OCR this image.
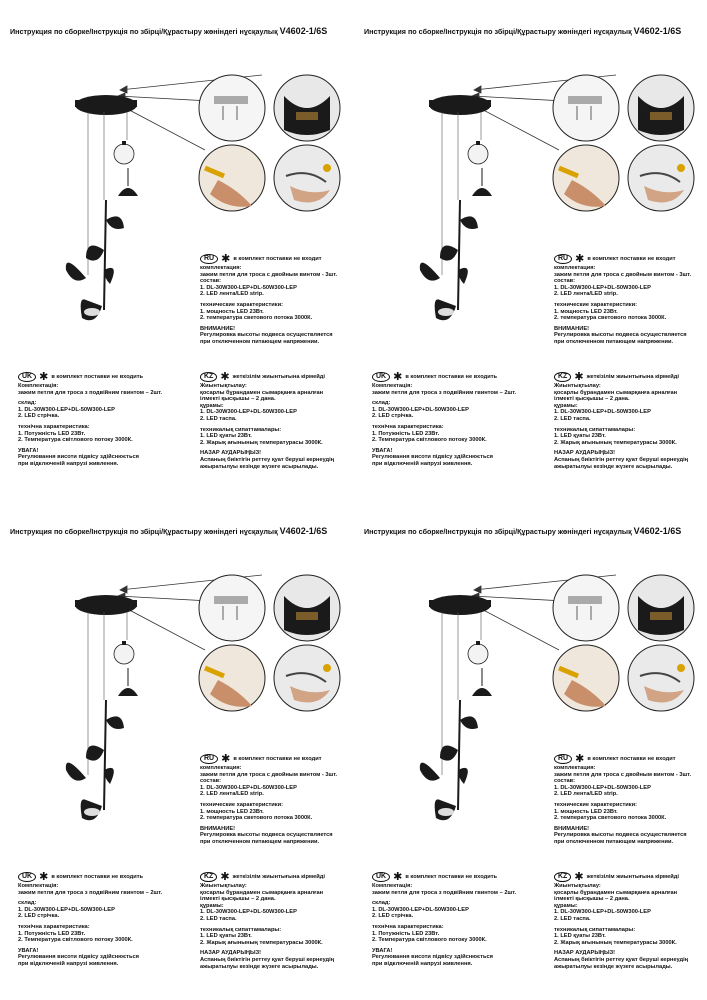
Инструкция по сборке/Інструкція по збірці/Құрастыру жөніндегі нұсқаулық V4602-1/6S
RU ✱ в комплект поставки не входит
комплектация:
зажим петля для троса с двойным винтом - 3шт.
состав:
1. DL-30W300-LEP+DL-50W300-LEP
2. LED лента/LED strip.
технические характеристики:
1. мощность LED 23Вт.
2. температура светового потока 3000К.
ВНИМАНИЕ!
Регулировка высоты подвеса осуществляется
при отключенном питающем напряжении.
UK ✱ в комплект поставки не входить
Комплектація:
зажим петля для троса з подвійним гвинтом – 2шт.
склад:
1. DL-30W300-LEP+DL-50W300-LEP
2. LED стрічка.
технічна характеристика:
1. Потужність LED 23Вт.
2. Температура світлового потоку 3000К.
УВАГА!
Регулювання висоти підвісу здійснюється
при відключеній напрузі живлення.
KZ ✱ жеткізілім жиынтығына кірмейді
Жиынтықтылау:
қосарлы бұрандамен сымарқанға арналған
ілмекті қысқышы – 2 дана.
құрамы:
1. DL-30W300-LEP+DL-50W300-LEP
2. LED таспа.
техникалық сипаттамалары:
1. LED қуаты 23Вт.
2. Жарық ағынының температурасы 3000К.
НАЗАР АУДАРЫҢЫЗ!
Аспаның биіктігін реттеу қуат беруші кернеудің
ажыратылуы кезінде жүзеге асырылады.
Инструкция по сборке/Інструкція по збірці/Құрастыру жөніндегі нұсқаулық V4602-1/6S
RU ✱ в комплект поставки не входит
комплектация:
зажим петля для троса с двойным винтом - 3шт.
состав:
1. DL-30W300-LEP+DL-50W300-LEP
2. LED лента/LED strip.
технические характеристики:
1. мощность LED 23Вт.
2. температура светового потока 3000К.
ВНИМАНИЕ!
Регулировка высоты подвеса осуществляется
при отключенном питающем напряжении.
UK ✱ в комплект поставки не входить
Комплектація:
зажим петля для троса з подвійним гвинтом – 2шт.
склад:
1. DL-30W300-LEP+DL-50W300-LEP
2. LED стрічка.
технічна характеристика:
1. Потужність LED 23Вт.
2. Температура світлового потоку 3000К.
УВАГА!
Регулювання висоти підвісу здійснюється
при відключеній напрузі живлення.
KZ ✱ жеткізілім жиынтығына кірмейді
Жиынтықтылау:
қосарлы бұрандамен сымарқанға арналған
ілмекті қысқышы – 2 дана.
құрамы:
1. DL-30W300-LEP+DL-50W300-LEP
2. LED таспа.
техникалық сипаттамалары:
1. LED қуаты 23Вт.
2. Жарық ағынының температурасы 3000К.
НАЗАР АУДАРЫҢЫЗ!
Аспаның биіктігін реттеу қуат беруші кернеудің
ажыратылуы кезінде жүзеге асырылады.
Инструкция по сборке/Інструкція по збірці/Құрастыру жөніндегі нұсқаулық V4602-1/6S
RU ✱ в комплект поставки не входит
комплектация:
зажим петля для троса с двойным винтом - 3шт.
состав:
1. DL-30W300-LEP+DL-50W300-LEP
2. LED лента/LED strip.
технические характеристики:
1. мощность LED 23Вт.
2. температура светового потока 3000К.
ВНИМАНИЕ!
Регулировка высоты подвеса осуществляется
при отключенном питающем напряжении.
UK ✱ в комплект поставки не входить
Комплектація:
зажим петля для троса з подвійним гвинтом – 2шт.
склад:
1. DL-30W300-LEP+DL-50W300-LEP
2. LED стрічка.
технічна характеристика:
1. Потужність LED 23Вт.
2. Температура світлового потоку 3000К.
УВАГА!
Регулювання висоти підвісу здійснюється
при відключеній напрузі живлення.
KZ ✱ жеткізілім жиынтығына кірмейді
Жиынтықтылау:
қосарлы бұрандамен сымарқанға арналған
ілмекті қысқышы – 2 дана.
құрамы:
1. DL-30W300-LEP+DL-50W300-LEP
2. LED таспа.
техникалық сипаттамалары:
1. LED қуаты 23Вт.
2. Жарық ағынының температурасы 3000К.
НАЗАР АУДАРЫҢЫЗ!
Аспаның биіктігін реттеу қуат беруші кернеудің
ажыратылуы кезінде жүзеге асырылады.
Инструкция по сборке/Інструкція по збірці/Құрастыру жөніндегі нұсқаулық V4602-1/6S
RU ✱ в комплект поставки не входит
комплектация:
зажим петля для троса с двойным винтом - 3шт.
состав:
1. DL-30W300-LEP+DL-50W300-LEP
2. LED лента/LED strip.
технические характеристики:
1. мощность LED 23Вт.
2. температура светового потока 3000К.
ВНИМАНИЕ!
Регулировка высоты подвеса осуществляется
при отключенном питающем напряжении.
UK ✱ в комплект поставки не входить
Комплектація:
зажим петля для троса з подвійним гвинтом – 2шт.
склад:
1. DL-30W300-LEP+DL-50W300-LEP
2. LED стрічка.
технічна характеристика:
1. Потужність LED 23Вт.
2. Температура світлового потоку 3000К.
УВАГА!
Регулювання висоти підвісу здійснюється
при відключеній напрузі живлення.
KZ ✱ жеткізілім жиынтығына кірмейді
Жиынтықтылау:
қосарлы бұрандамен сымарқанға арналған
ілмекті қысқышы – 2 дана.
құрамы:
1. DL-30W300-LEP+DL-50W300-LEP
2. LED таспа.
техникалық сипаттамалары:
1. LED қуаты 23Вт.
2. Жарық ағынының температурасы 3000К.
НАЗАР АУДАРЫҢЫЗ!
Аспаның биіктігін реттеу қуат беруші кернеудің
ажыратылуы кезінде жүзеге асырылады.
